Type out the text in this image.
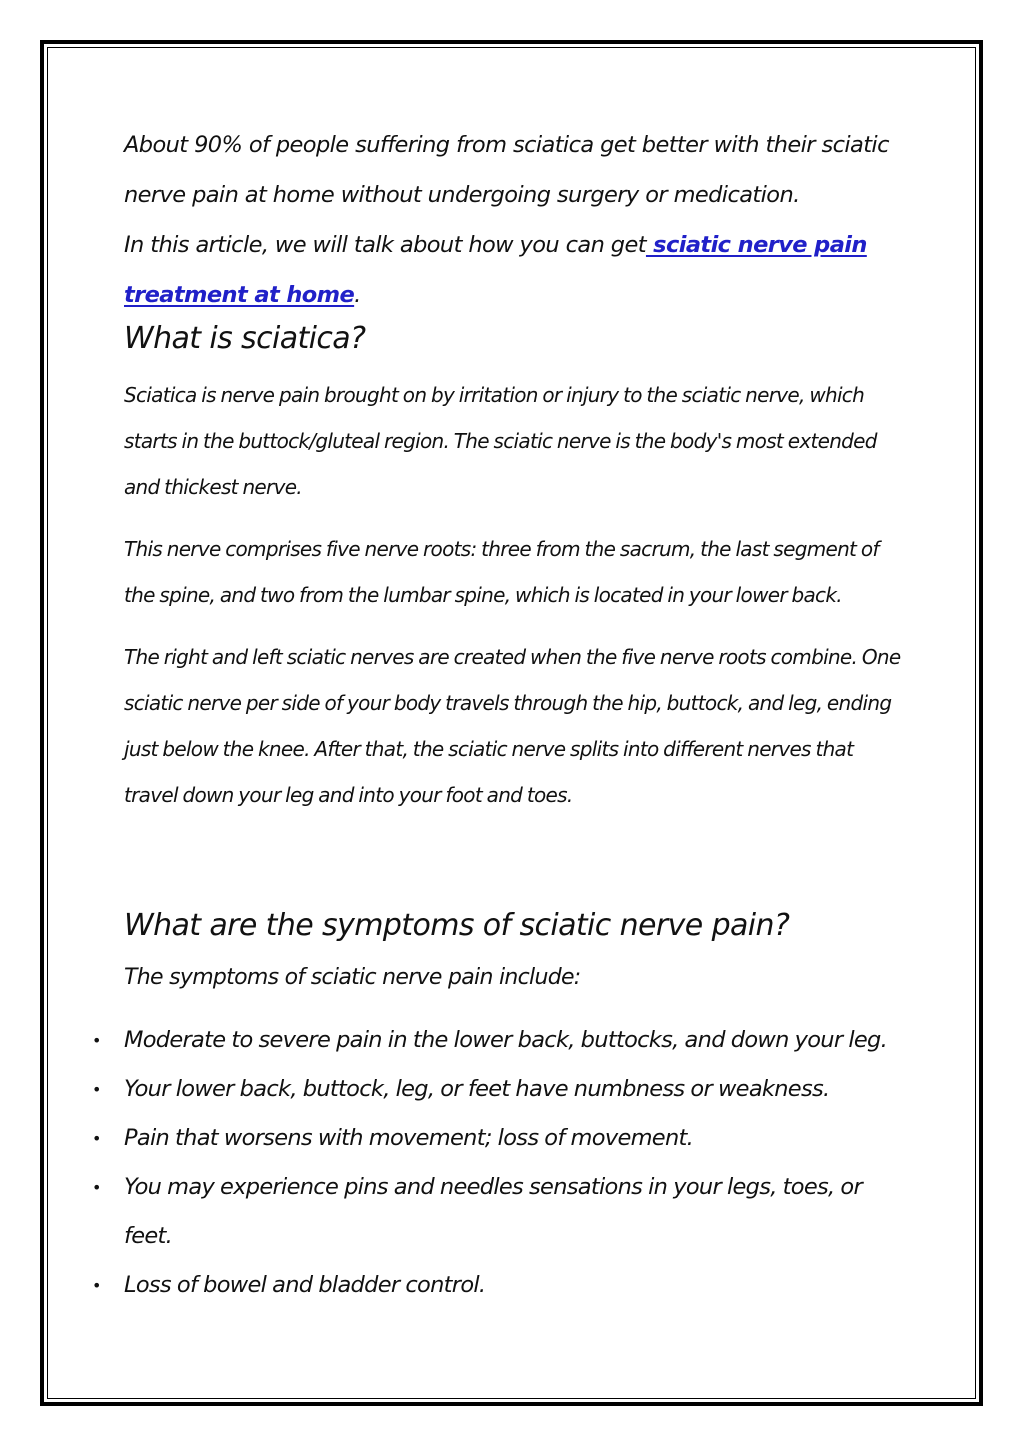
About 90% of people suffering from sciatica get better with their sciatic nerve pain at home without undergoing surgery or medication.
In this article, we will talk about how you can get sciatic nerve pain treatment at home.

What is sciatica?

Sciatica is nerve pain brought on by irritation or injury to the sciatic nerve, which starts in the buttock/gluteal region. The sciatic nerve is the body's most extended and thickest nerve.

This nerve comprises five nerve roots: three from the sacrum, the last segment of the spine, and two from the lumbar spine, which is located in your lower back.

The right and left sciatic nerves are created when the five nerve roots combine. One sciatic nerve per side of your body travels through the hip, buttock, and leg, ending just below the knee. After that, the sciatic nerve splits into different nerves that travel down your leg and into your foot and toes.

What are the symptoms of sciatic nerve pain?

The symptoms of sciatic nerve pain include:

• Moderate to severe pain in the lower back, buttocks, and down your leg.
• Your lower back, buttock, leg, or feet have numbness or weakness.
• Pain that worsens with movement; loss of movement.
• You may experience pins and needles sensations in your legs, toes, or feet.
• Loss of bowel and bladder control.
